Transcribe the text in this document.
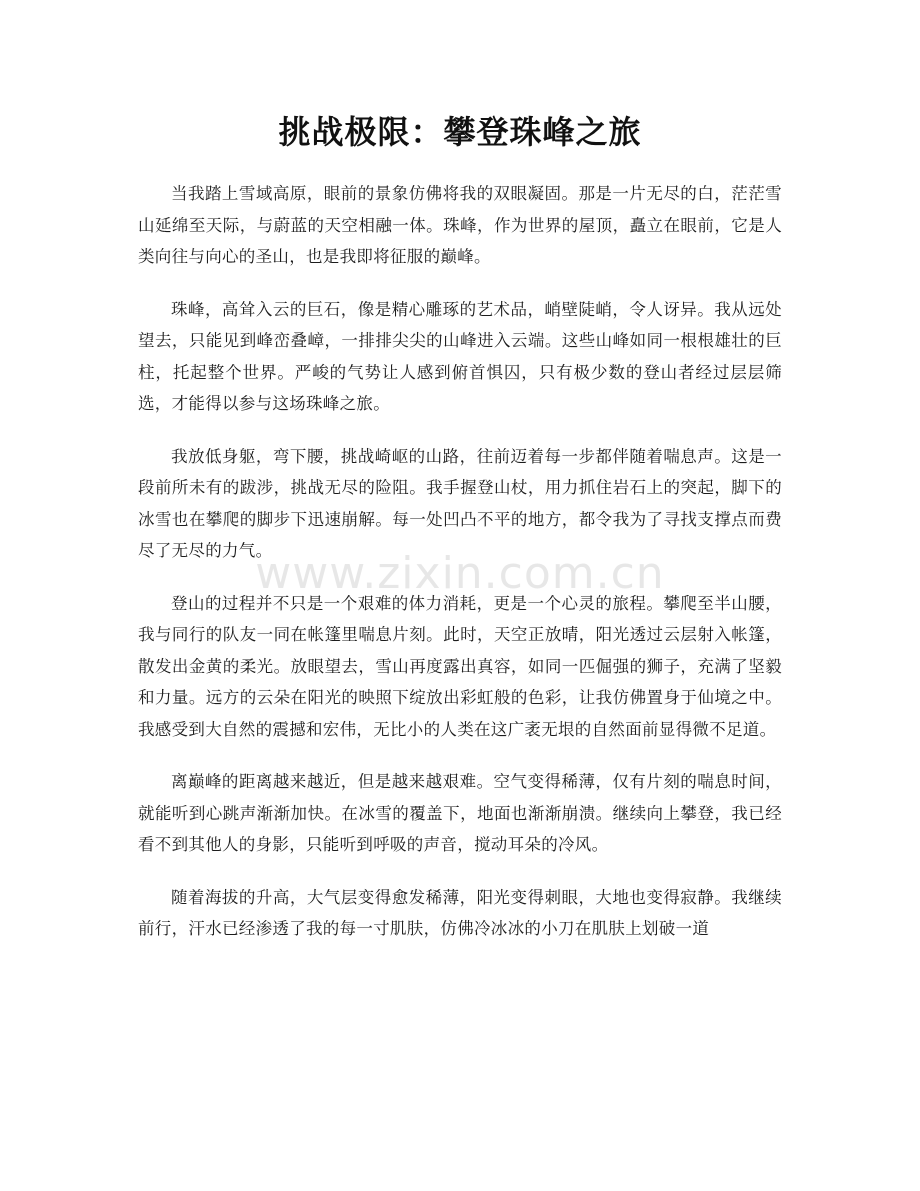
挑战极限：攀登珠峰之旅

当我踏上雪域高原，眼前的景象仿佛将我的双眼凝固。那是一片无尽的白，茫茫雪山延绵至天际，与蔚蓝的天空相融一体。珠峰，作为世界的屋顶，矗立在眼前，它是人类向往与向心的圣山，也是我即将征服的巅峰。

珠峰，高耸入云的巨石，像是精心雕琢的艺术品，峭壁陡峭，令人讶异。我从远处望去，只能见到峰峦叠嶂，一排排尖尖的山峰进入云端。这些山峰如同一根根雄壮的巨柱，托起整个世界。严峻的气势让人感到俯首惧囚，只有极少数的登山者经过层层筛选，才能得以参与这场珠峰之旅。

我放低身躯，弯下腰，挑战崎岖的山路，往前迈着每一步都伴随着喘息声。这是一段前所未有的跋涉，挑战无尽的险阻。我手握登山杖，用力抓住岩石上的突起，脚下的冰雪也在攀爬的脚步下迅速崩解。每一处凹凸不平的地方，都令我为了寻找支撑点而费尽了无尽的力气。

登山的过程并不只是一个艰难的体力消耗，更是一个心灵的旅程。攀爬至半山腰，我与同行的队友一同在帐篷里喘息片刻。此时，天空正放晴，阳光透过云层射入帐篷，散发出金黄的柔光。放眼望去，雪山再度露出真容，如同一匹倔强的狮子，充满了坚毅和力量。远方的云朵在阳光的映照下绽放出彩虹般的色彩，让我仿佛置身于仙境之中。我感受到大自然的震撼和宏伟，无比小的人类在这广袤无垠的自然面前显得微不足道。

离巅峰的距离越来越近，但是越来越艰难。空气变得稀薄，仅有片刻的喘息时间，就能听到心跳声渐渐加快。在冰雪的覆盖下，地面也渐渐崩溃。继续向上攀登，我已经看不到其他人的身影，只能听到呼吸的声音，搅动耳朵的冷风。

随着海拔的升高，大气层变得愈发稀薄，阳光变得刺眼，大地也变得寂静。我继续前行，汗水已经渗透了我的每一寸肌肤，仿佛冷冰冰的小刀在肌肤上划破一道

www.zixin.com.cn
